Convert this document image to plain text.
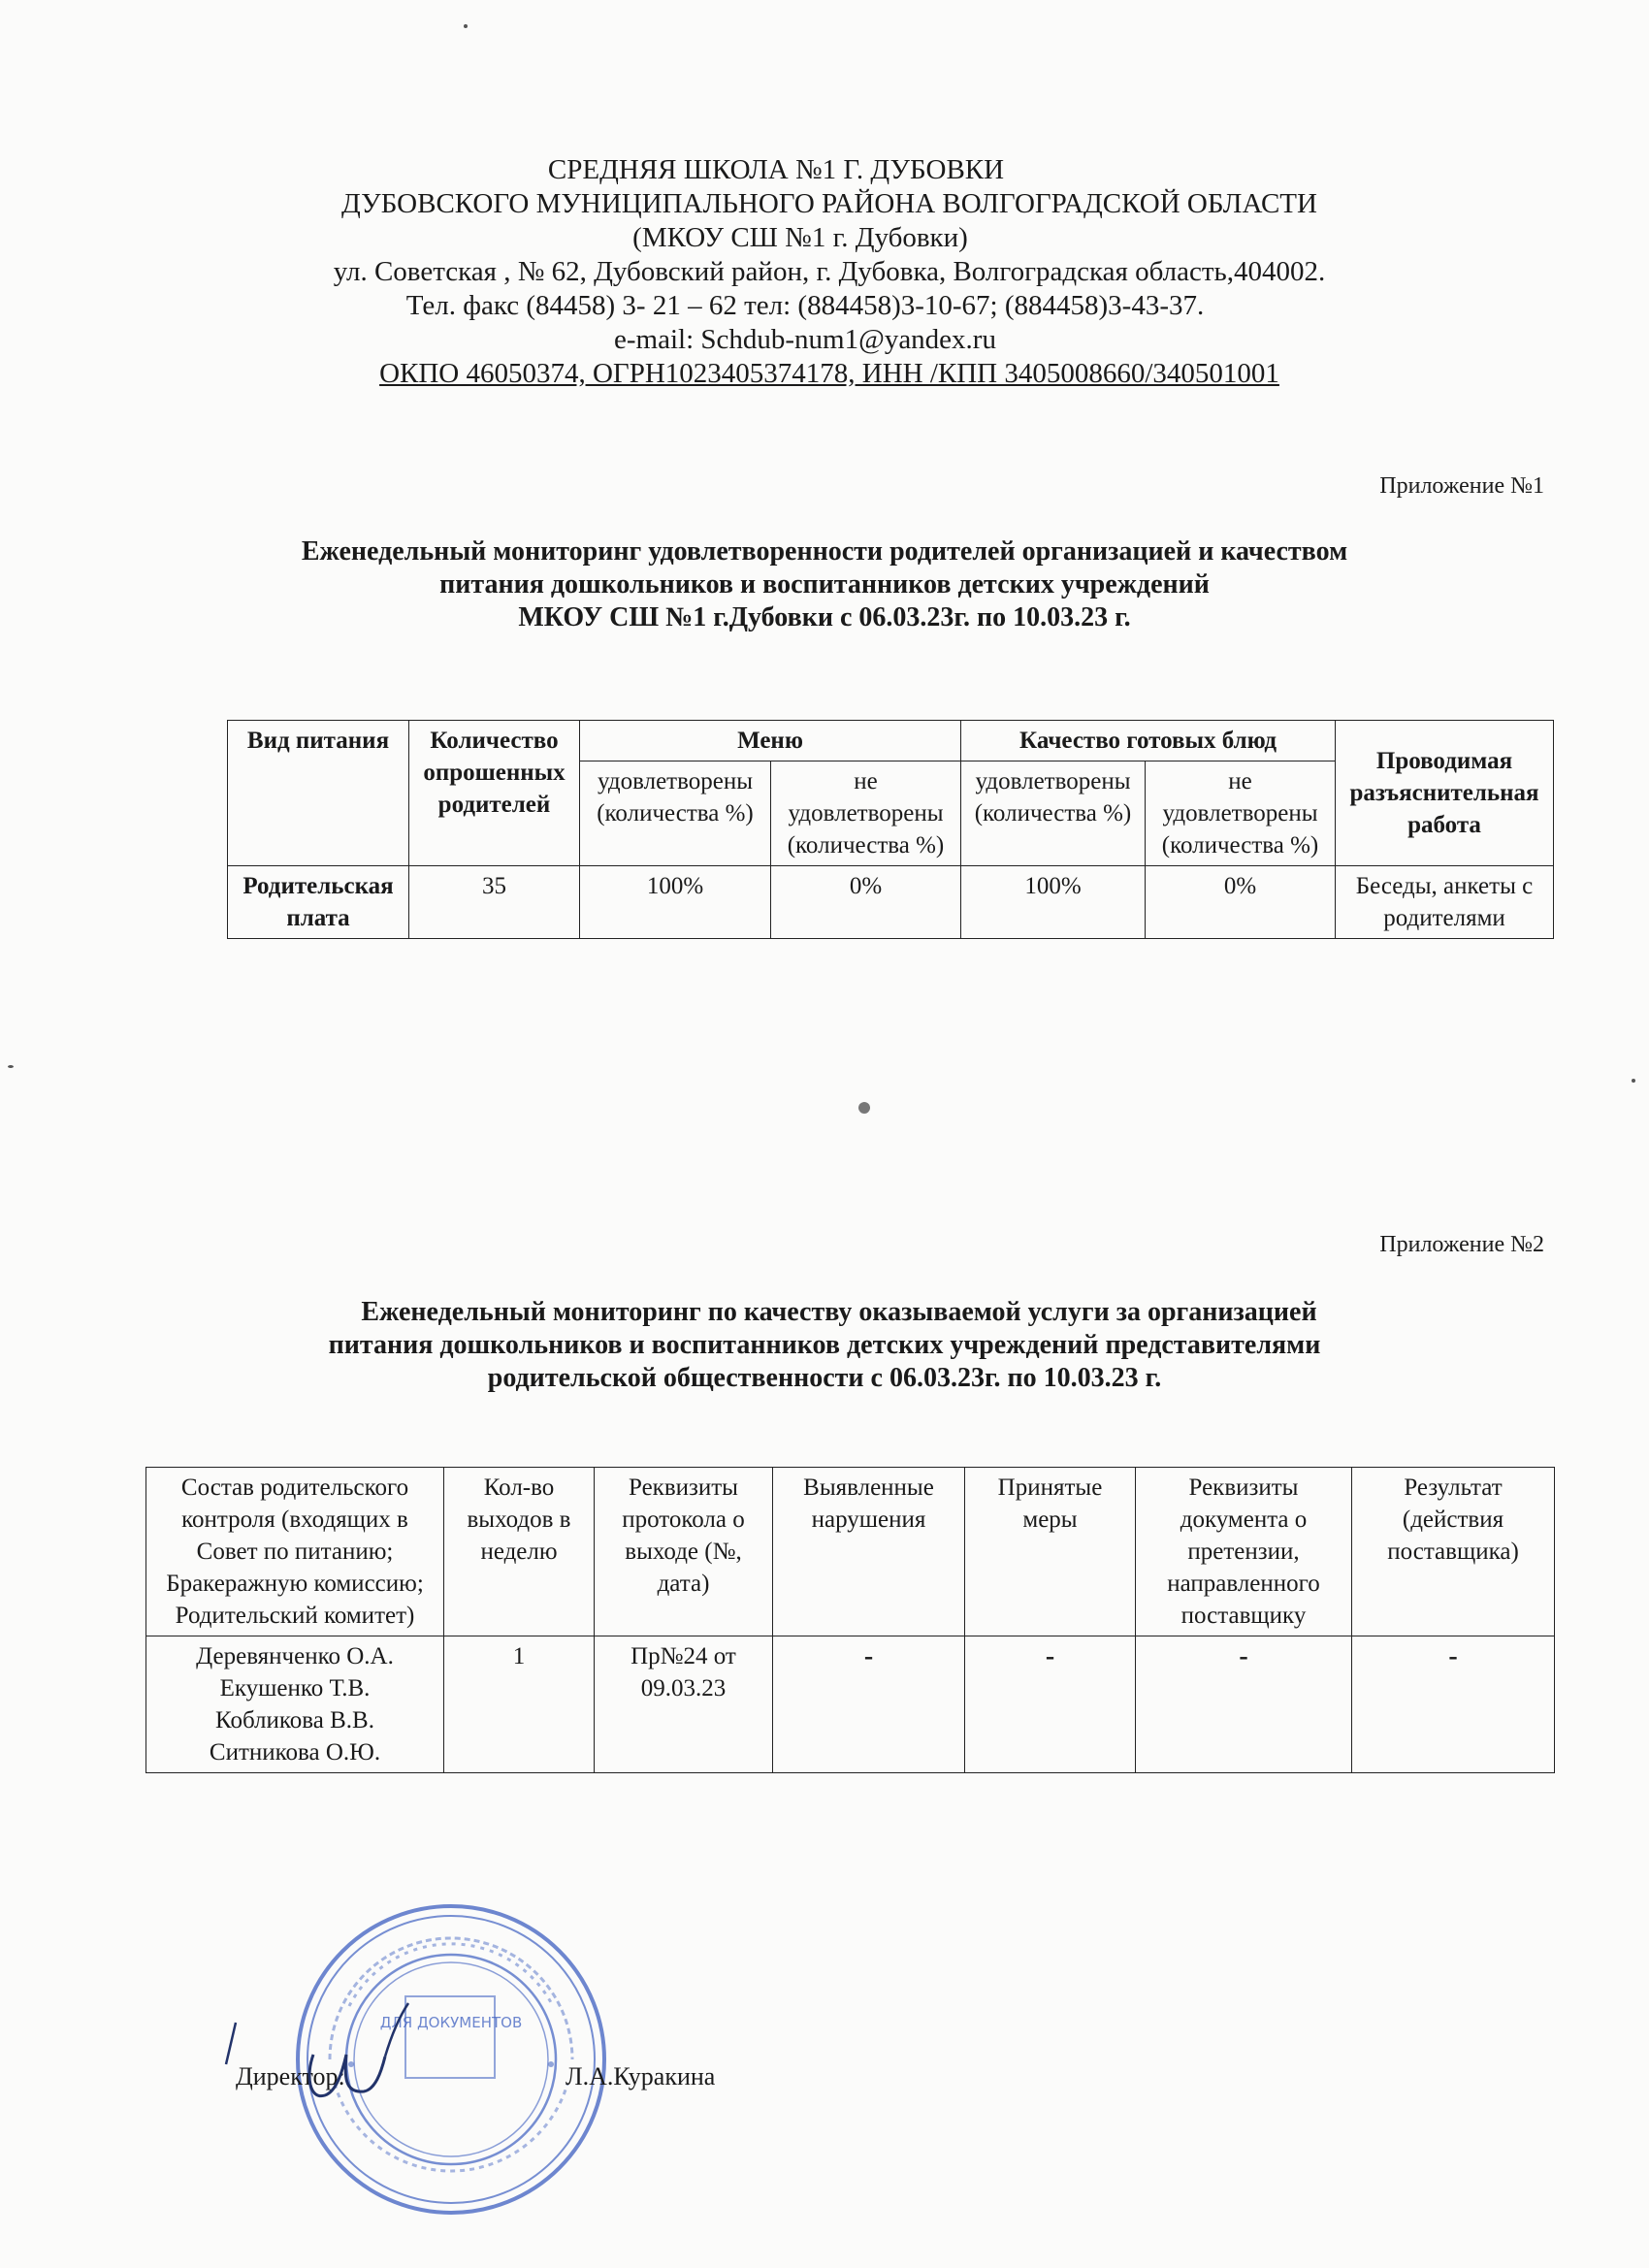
СРЕДНЯЯ ШКОЛА №1 Г. ДУБОВКИ
ДУБОВСКОГО МУНИЦИПАЛЬНОГО РАЙОНА ВОЛГОГРАДСКОЙ ОБЛАСТИ
(МКОУ СШ №1 г. Дубовки)
ул. Советская , № 62, Дубовский район, г. Дубовка, Волгоградская область,404002.
Тел. факс (84458) 3- 21 – 62 тел: (884458)3-10-67; (884458)3-43-37.
e-mail: Schdub-num1@yandex.ru
ОКПО 46050374, ОГРН1023405374178, ИНН /КПП 3405008660/340501001
Приложение №1
Еженедельный мониторинг удовлетворенности родителей организацией и качеством
питания дошкольников и воспитанников детских учреждений
МКОУ СШ №1 г.Дубовки с 06.03.23г. по 10.03.23 г.
Вид питания	Количество опрошенных родителей	Меню		Качество готовых блюд		Проводимая разъяснительная работа
		удовлетворены (количества %)	не удовлетворены (количества %)	удовлетворены (количества %)	не удовлетворены (количества %)	
Родительская плата	35	100%	0%	100%	0%	Беседы, анкеты с родителями
Приложение №2
Еженедельный мониторинг по качеству оказываемой услуги за организацией
питания дошкольников и воспитанников детских учреждений представителями
родительской общественности с 06.03.23г. по 10.03.23 г.
Состав родительского контроля (входящих в Совет по питанию; Бракеражную комиссию; Родительский комитет)	Кол-во выходов в неделю	Реквизиты протокола о выходе (№, дата)	Выявленные нарушения	Принятые меры	Реквизиты документа о претензии, направленного поставщику	Результат (действия поставщика)

Деревянченко О.А.
Екушенко Т.В.
Кобликова В.В.
Ситникова О.Ю.	1	Пр№24 от 09.03.23	-	-	-	-
ДЛЯ ДОКУМЕНТОВ
Директор:	Л.А.Куракина
